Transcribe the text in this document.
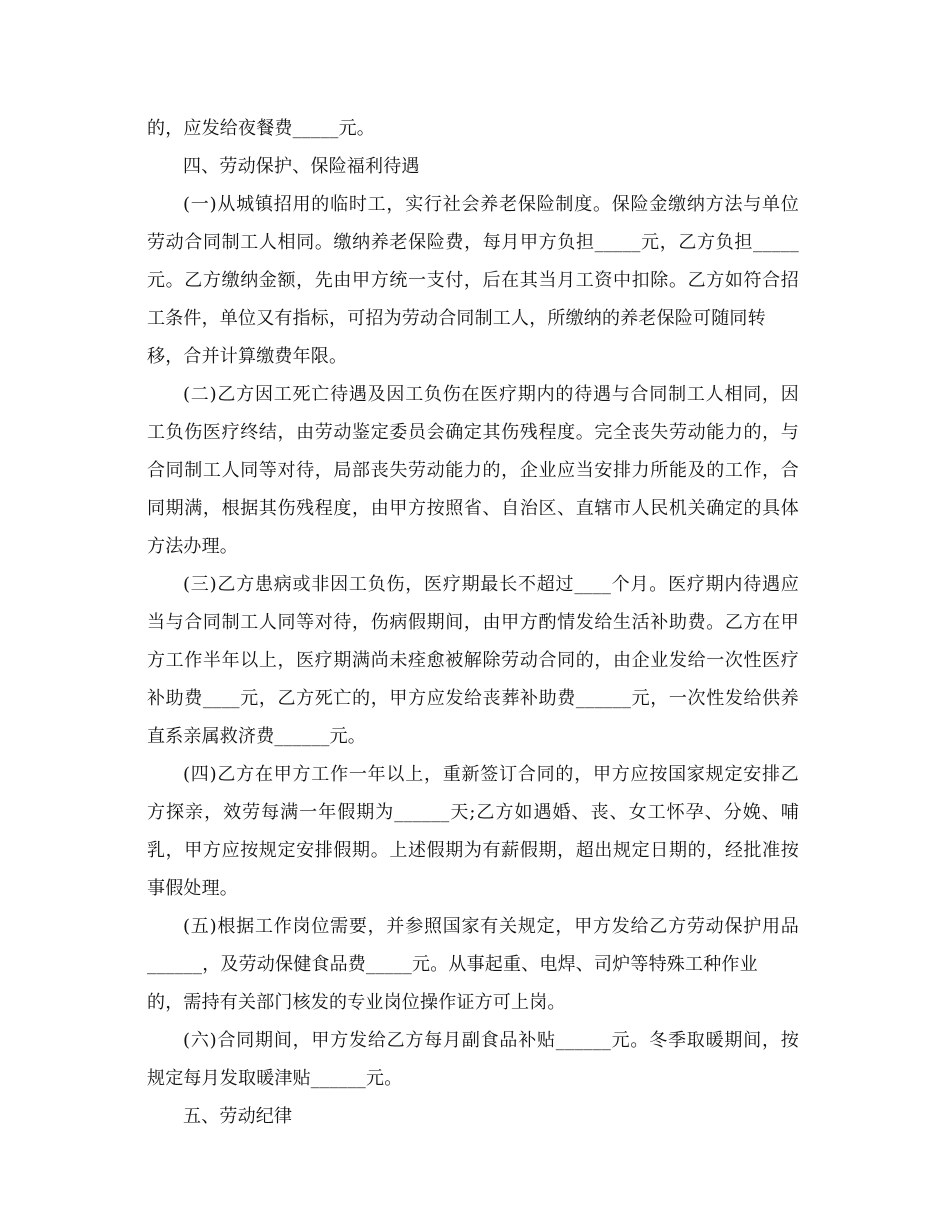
的，应发给夜餐费_____元。
四、劳动保护、保险福利待遇
(一)从城镇招用的临时工，实行社会养老保险制度。保险金缴纳方法与单位
劳动合同制工人相同。缴纳养老保险费，每月甲方负担_____元，乙方负担_____
元。乙方缴纳金额，先由甲方统一支付，后在其当月工资中扣除。乙方如符合招
工条件，单位又有指标，可招为劳动合同制工人，所缴纳的养老保险可随同转
移，合并计算缴费年限。
(二)乙方因工死亡待遇及因工负伤在医疗期内的待遇与合同制工人相同，因
工负伤医疗终结，由劳动鉴定委员会确定其伤残程度。完全丧失劳动能力的，与
合同制工人同等对待，局部丧失劳动能力的，企业应当安排力所能及的工作，合
同期满，根据其伤残程度，由甲方按照省、自治区、直辖市人民机关确定的具体
方法办理。
(三)乙方患病或非因工负伤，医疗期最长不超过____个月。医疗期内待遇应
当与合同制工人同等对待，伤病假期间，由甲方酌情发给生活补助费。乙方在甲
方工作半年以上，医疗期满尚未痊愈被解除劳动合同的，由企业发给一次性医疗
补助费____元，乙方死亡的，甲方应发给丧葬补助费______元，一次性发给供养
直系亲属救济费______元。
(四)乙方在甲方工作一年以上，重新签订合同的，甲方应按国家规定安排乙
方探亲，效劳每满一年假期为______天;乙方如遇婚、丧、女工怀孕、分娩、哺
乳，甲方应按规定安排假期。上述假期为有薪假期，超出规定日期的，经批准按
事假处理。
(五)根据工作岗位需要，并参照国家有关规定，甲方发给乙方劳动保护用品
______，及劳动保健食品费_____元。从事起重、电焊、司炉等特殊工种作业
的，需持有关部门核发的专业岗位操作证方可上岗。
(六)合同期间，甲方发给乙方每月副食品补贴______元。冬季取暖期间，按
规定每月发取暖津贴______元。
五、劳动纪律
